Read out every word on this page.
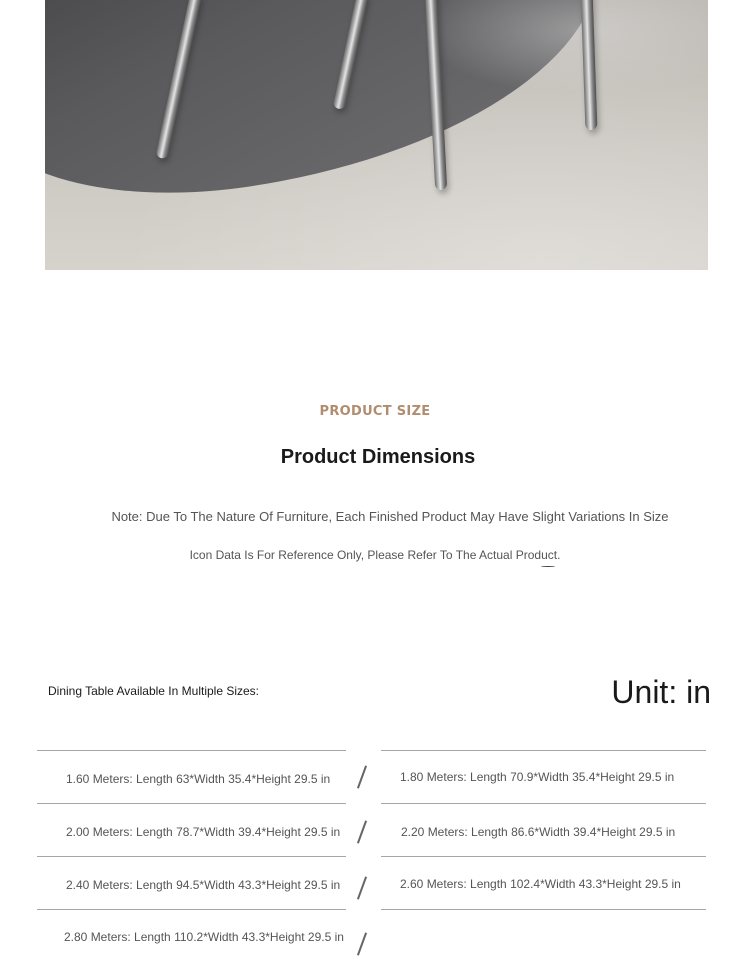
PRODUCT SIZE
Product Dimensions
Note: Due To The Nature Of Furniture, Each Finished Product May Have Slight Variations In Size
Icon Data Is For Reference Only, Please Refer To The Actual Product.
Dining Table Available In Multiple Sizes:	Unit: in
1.60 Meters: Length 63*Width 35.4*Height 29.5 in	1.80 Meters: Length 70.9*Width 35.4*Height 29.5 in
2.00 Meters: Length 78.7*Width 39.4*Height 29.5 in	2.20 Meters: Length 86.6*Width 39.4*Height 29.5 in
2.40 Meters: Length 94.5*Width 43.3*Height 29.5 in	2.60 Meters: Length 102.4*Width 43.3*Height 29.5 in
2.80 Meters: Length 110.2*Width 43.3*Height 29.5 in
